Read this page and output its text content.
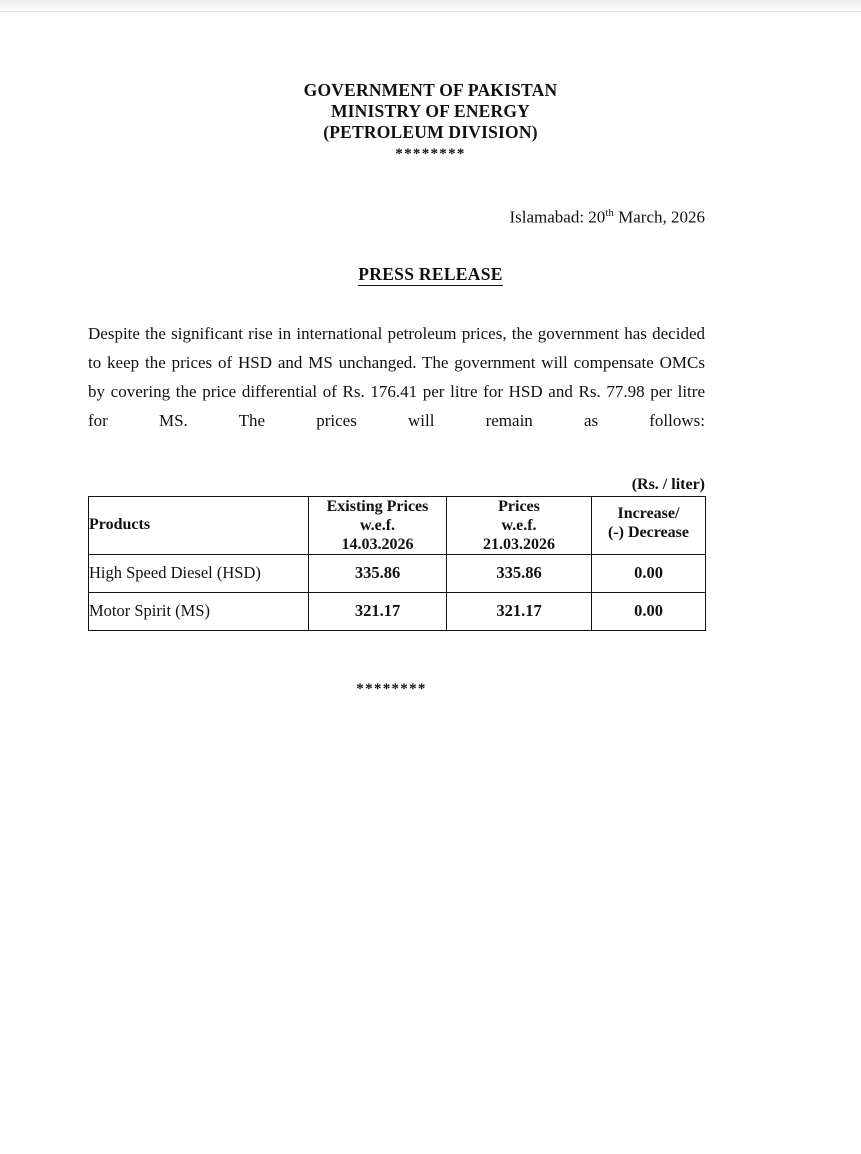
GOVERNMENT OF PAKISTAN
MINISTRY OF ENERGY
(PETROLEUM DIVISION)
********
Islamabad: 20th March, 2026
PRESS RELEASE
Despite the significant rise in international petroleum prices, the government has decided to keep the prices of HSD and MS unchanged. The government will compensate OMCs by covering the price differential of Rs. 176.41 per litre for HSD and Rs. 77.98 per litre for MS. The prices will remain as follows:
(Rs. / liter)
Products	
Existing Prices
w.e.f.
14.03.2026

Prices
w.e.f.
21.03.2026

Increase/
(-) Decrease

High Speed Diesel (HSD)	335.86	335.86	0.00
Motor Spirit (MS)	321.17	321.17	0.00
********
